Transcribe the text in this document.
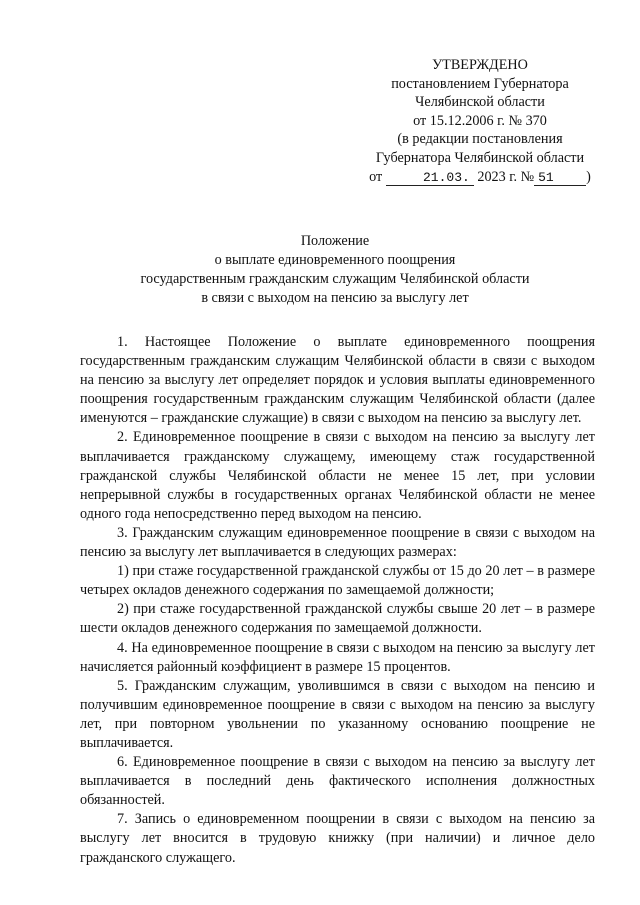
УТВЕРЖДЕНО
постановлением Губернатора
Челябинской области
от 15.12.2006 г. № 370
(в редакции постановления
Губернатора Челябинской области
от	21.03. 2023 г. № 51 )
Положение
о выплате единовременного поощрения
государственным гражданским служащим Челябинской области
в связи с выходом на пенсию за выслугу лет

1. Настоящее Положение о выплате единовременного поощрения государственным гражданским служащим Челябинской области в связи с выходом на пенсию за выслугу лет определяет порядок и условия выплаты единовременного поощрения государственным гражданским служащим Челябинской области (далее именуются – гражданские служащие) в связи с выходом на пенсию за выслугу лет.

2. Единовременное поощрение в связи с выходом на пенсию за выслугу лет выплачивается гражданскому служащему, имеющему стаж государственной гражданской службы Челябинской области не менее 15 лет, при условии непрерывной службы в государственных органах Челябинской области не менее одного года непосредственно перед выходом на пенсию.

3. Гражданским служащим единовременное поощрение в связи с выходом на пенсию за выслугу лет выплачивается в следующих размерах:

1) при стаже государственной гражданской службы от 15 до 20 лет – в размере четырех окладов денежного содержания по замещаемой должности;

2) при стаже государственной гражданской службы свыше 20 лет – в размере шести окладов денежного содержания по замещаемой должности.

4. На единовременное поощрение в связи с выходом на пенсию за выслугу лет начисляется районный коэффициент в размере 15 процентов.

5. Гражданским служащим, уволившимся в связи с выходом на пенсию и получившим единовременное поощрение в связи с выходом на пенсию за выслугу лет, при повторном увольнении по указанному основанию поощрение не выплачивается.

6. Единовременное поощрение в связи с выходом на пенсию за выслугу лет выплачивается в последний день фактического исполнения должностных обязанностей.

7. Запись о единовременном поощрении в связи с выходом на пенсию за выслугу лет вносится в трудовую книжку (при наличии) и личное дело гражданского служащего.
